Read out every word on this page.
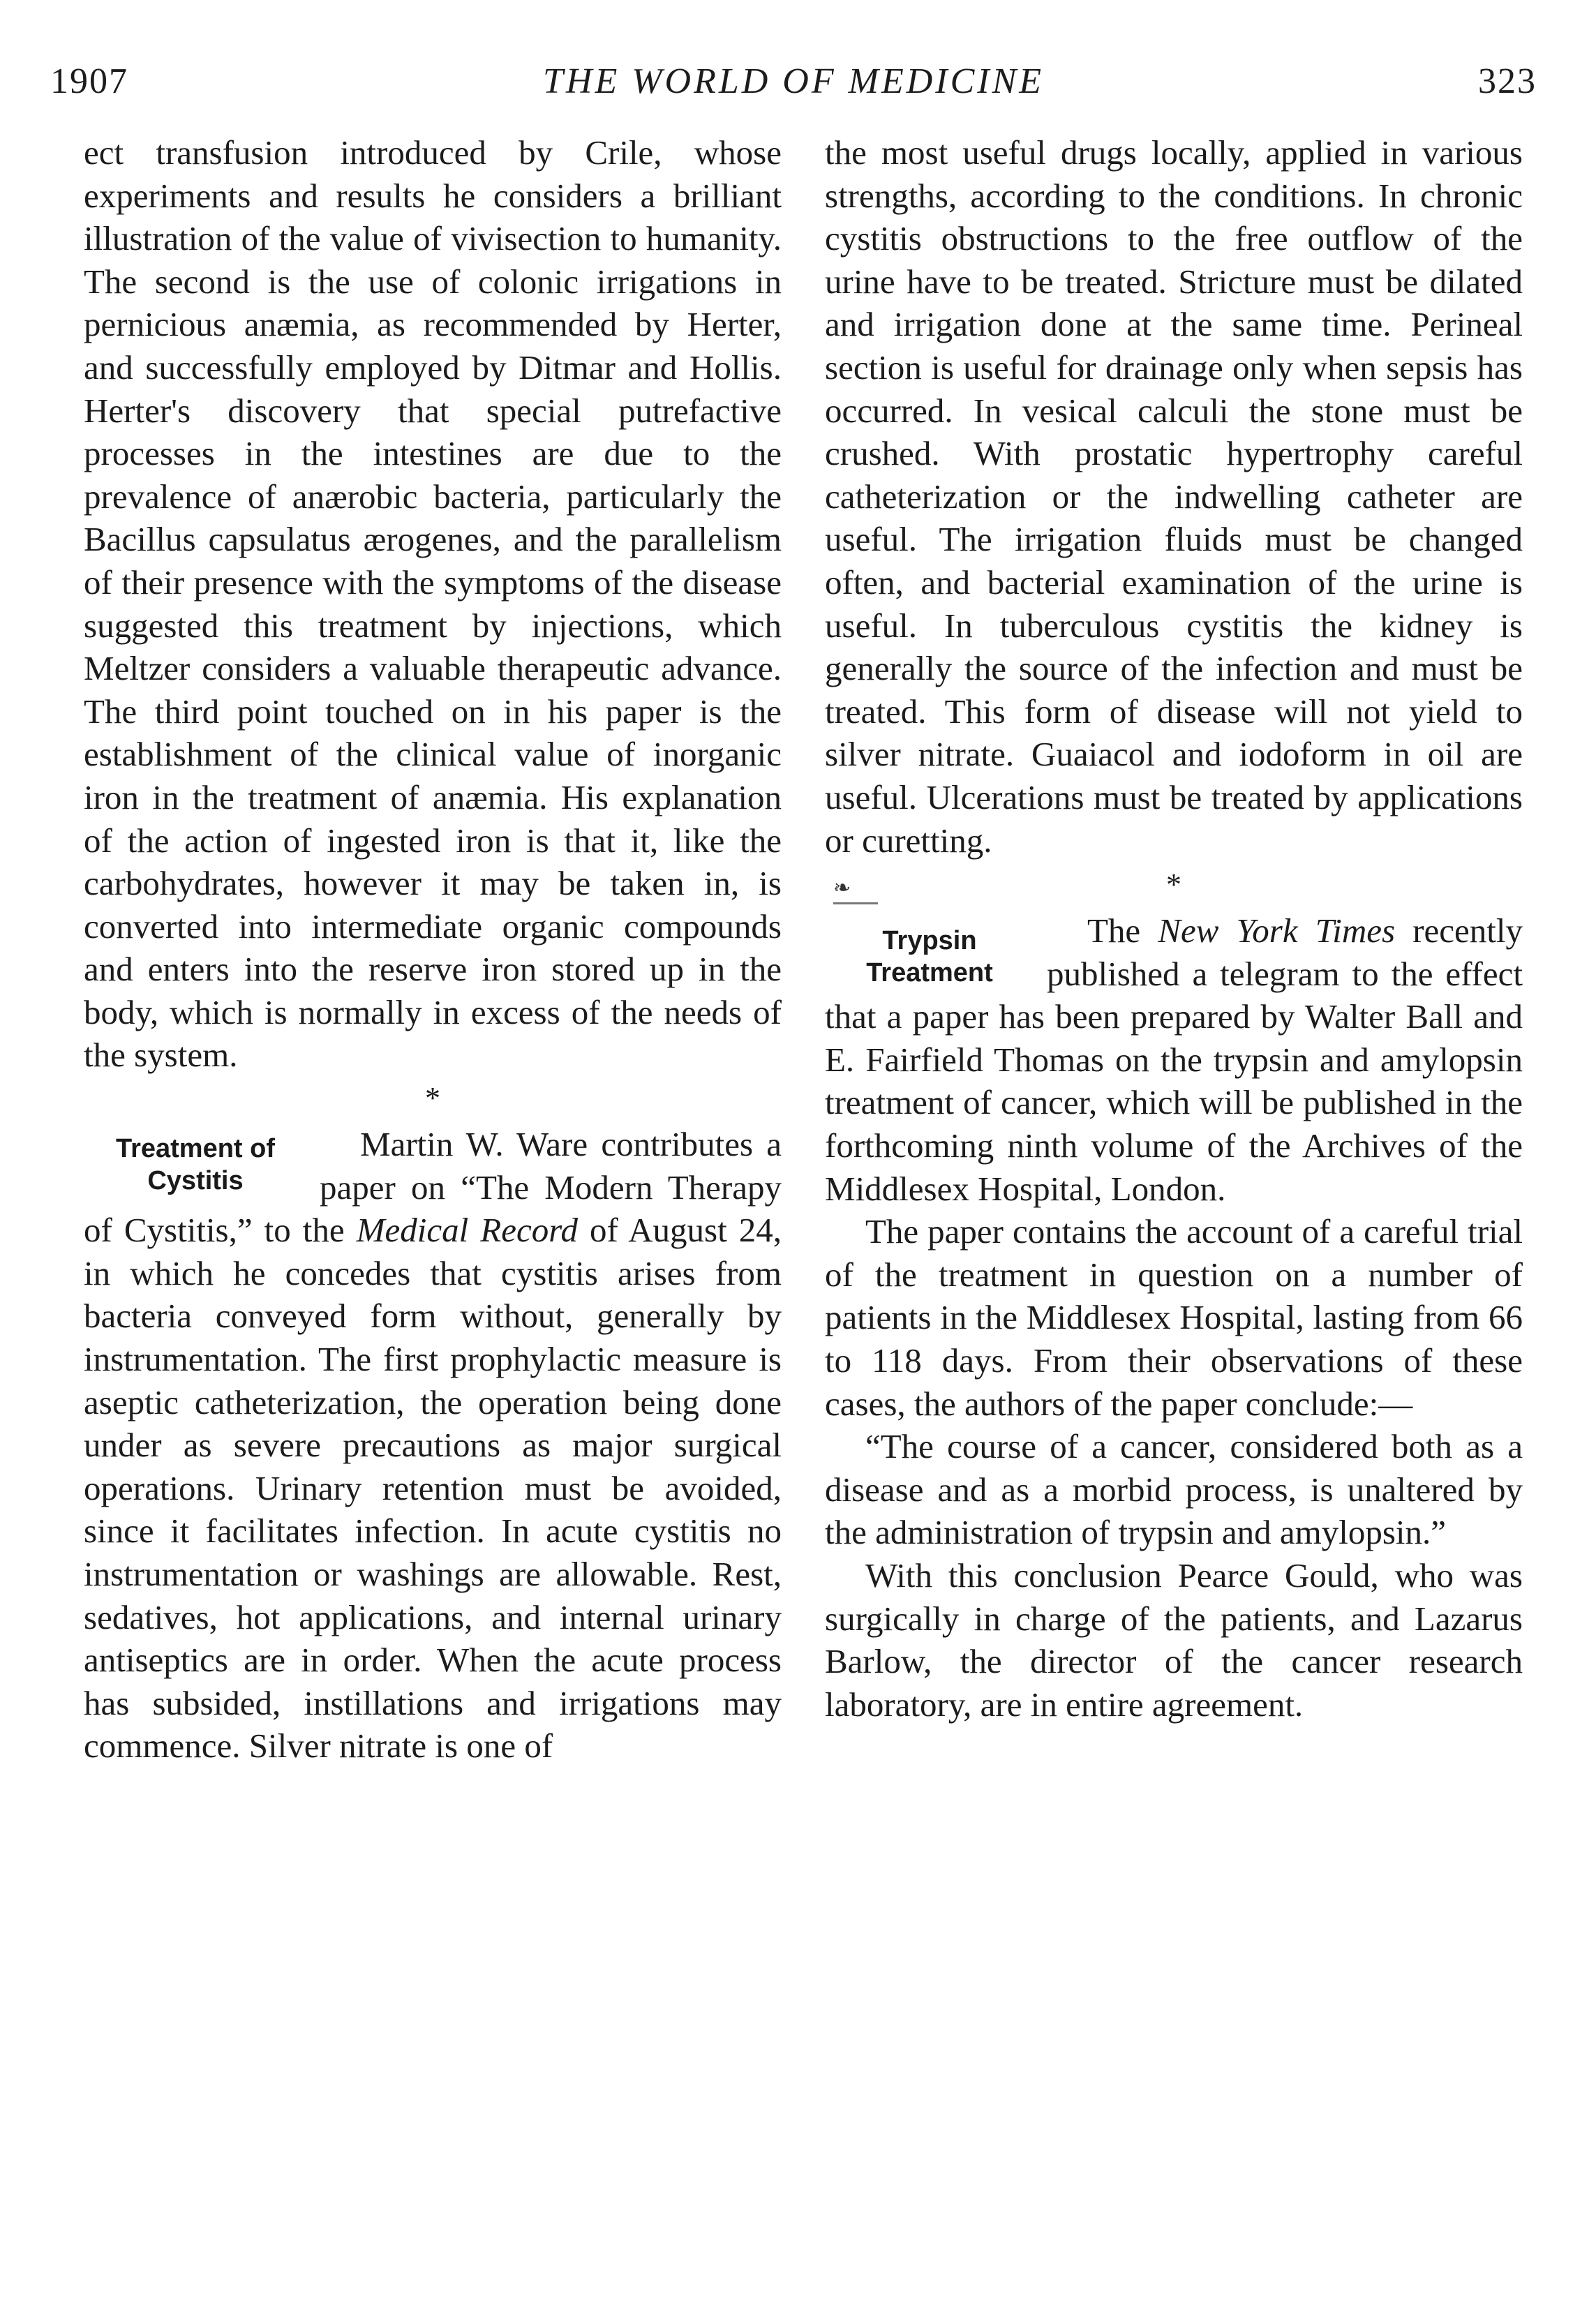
1907	THE WORLD OF MEDICINE	323

ect transfusion introduced by Crile, whose experiments and results he considers a brilliant illustration of the value of vivisection to humanity. The second is the use of colonic irrigations in pernicious anæmia, as recommended by Herter, and successfully employed by Ditmar and Hollis. Herter's discovery that special putrefactive processes in the intestines are due to the prevalence of anærobic bacteria, particularly the Bacillus capsulatus ærogenes, and the parallelism of their presence with the symptoms of the disease suggested this treatment by injections, which Meltzer considers a valuable therapeutic advance. The third point touched on in his paper is the establishment of the clinical value of inorganic iron in the treatment of anæmia. His explanation of the action of ingested iron is that it, like the carbohydrates, however it may be taken in, is converted into intermediate organic compounds and enters into the reserve iron stored up in the body, which is normally in excess of the needs of the system.

*
Treatment of
Cystitis

Martin W. Ware contributes a paper on “The Modern Therapy of Cystitis,” to the Medical Record of August 24, in which he concedes that cystitis arises from bacteria conveyed form without, generally by instrumentation. The first prophylactic measure is aseptic catheterization, the operation being done under as severe precautions as major surgical operations. Urinary retention must be avoided, since it facilitates infection. In acute cystitis no instrumentation or washings are allowable. Rest, sedatives, hot applications, and internal urinary antiseptics are in order. When the acute process has subsided, instillations and irrigations may commence. Silver nitrate is one of

the most useful drugs locally, applied in various strengths, according to the conditions. In chronic cystitis obstructions to the free outflow of the urine have to be treated. Stricture must be dilated and irrigation done at the same time. Perineal section is useful for drainage only when sepsis has occurred. In vesical calculi the stone must be crushed. With prostatic hypertrophy careful catheterization or the indwelling catheter are useful. The irrigation fluids must be changed often, and bacterial examination of the urine is useful. In tuberculous cystitis the kidney is generally the source of the infection and must be treated. This form of disease will not yield to silver nitrate. Guaiacol and iodoform in oil are useful. Ulcerations must be treated by applications or curetting.

❧	*
Trypsin
Treatment

The New York Times recently published a telegram to the effect that a paper has been prepared by Walter Ball and E. Fairfield Thomas on the trypsin and amylopsin treatment of cancer, which will be published in the forthcoming ninth volume of the Archives of the Middlesex Hospital, London.

The paper contains the account of a careful trial of the treatment in question on a number of patients in the Middlesex Hospital, lasting from 66 to 118 days. From their observations of these cases, the authors of the paper conclude:—

“The course of a cancer, considered both as a disease and as a morbid process, is unaltered by the administration of trypsin and amylopsin.”

With this conclusion Pearce Gould, who was surgically in charge of the patients, and Lazarus Barlow, the director of the cancer research laboratory, are in entire agreement.
